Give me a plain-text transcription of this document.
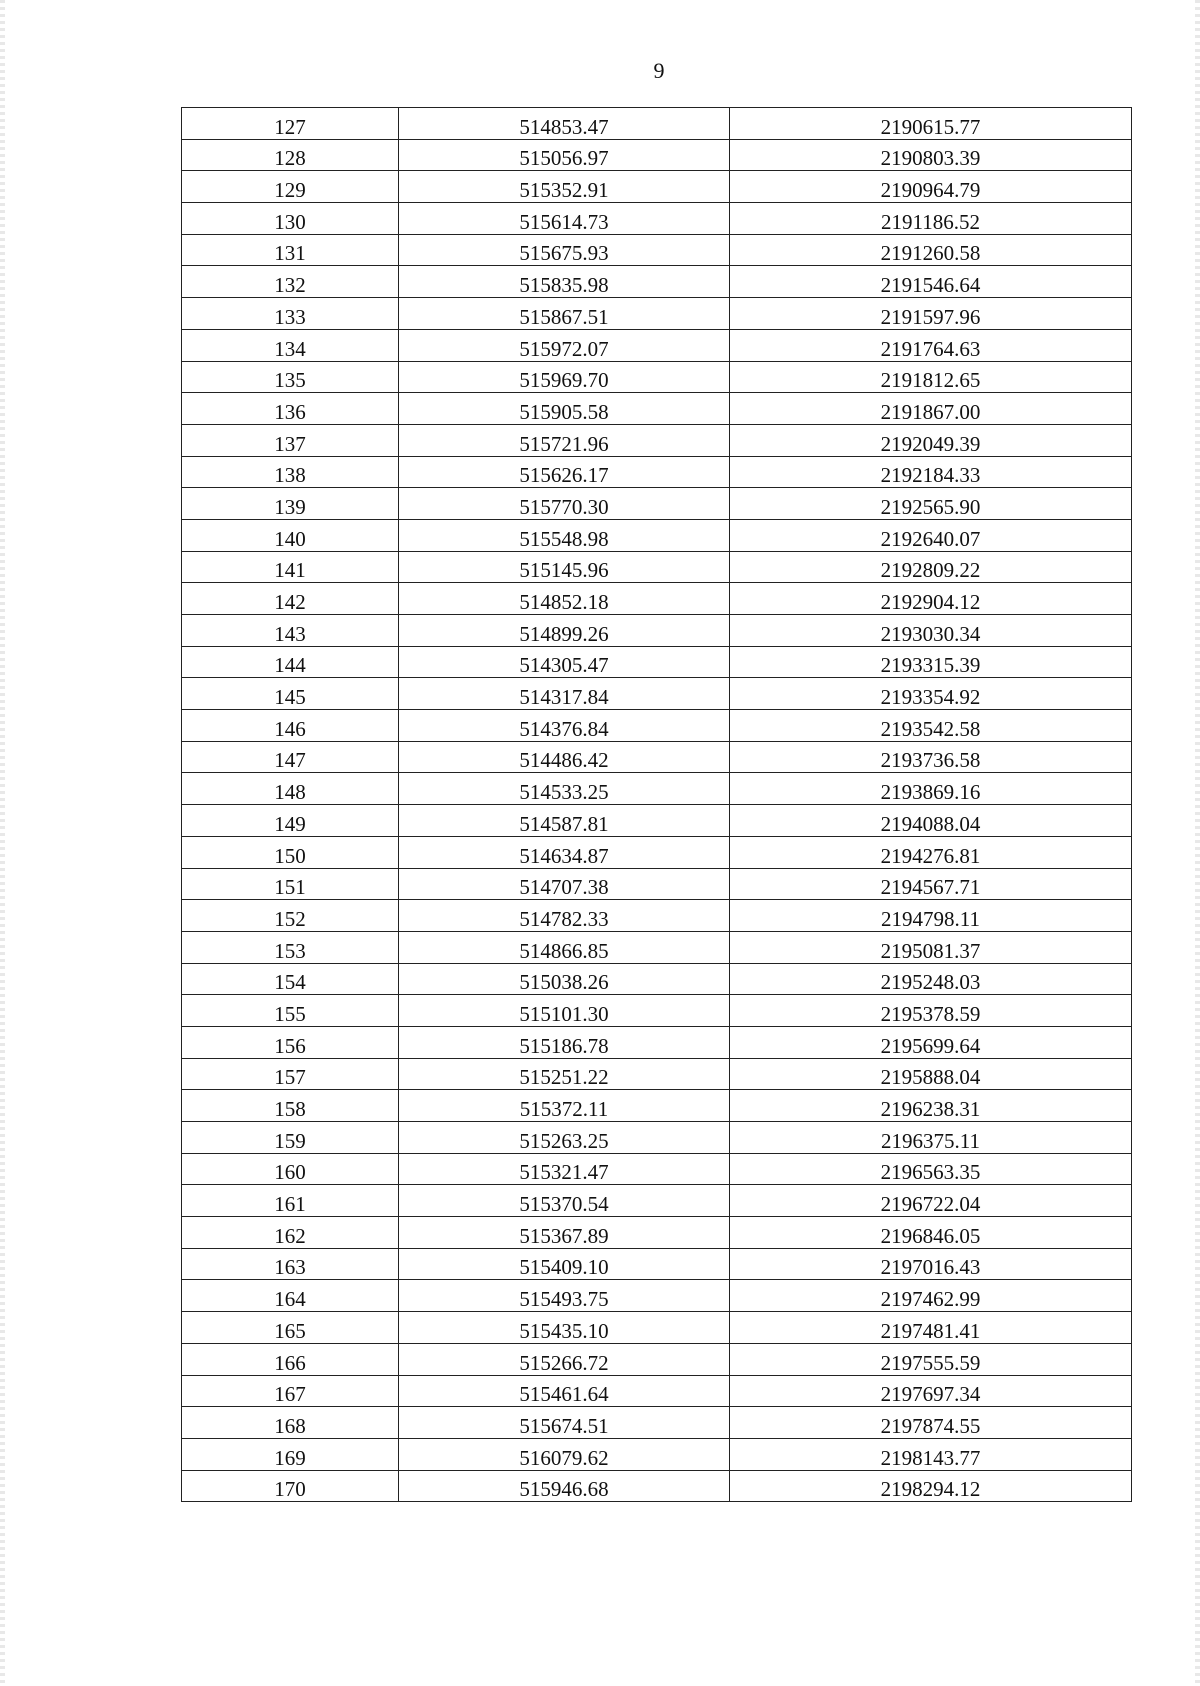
9
127	514853.47	2190615.77
128	515056.97	2190803.39
129	515352.91	2190964.79
130	515614.73	2191186.52
131	515675.93	2191260.58
132	515835.98	2191546.64
133	515867.51	2191597.96
134	515972.07	2191764.63
135	515969.70	2191812.65
136	515905.58	2191867.00
137	515721.96	2192049.39
138	515626.17	2192184.33
139	515770.30	2192565.90
140	515548.98	2192640.07
141	515145.96	2192809.22
142	514852.18	2192904.12
143	514899.26	2193030.34
144	514305.47	2193315.39
145	514317.84	2193354.92
146	514376.84	2193542.58
147	514486.42	2193736.58
148	514533.25	2193869.16
149	514587.81	2194088.04
150	514634.87	2194276.81
151	514707.38	2194567.71
152	514782.33	2194798.11
153	514866.85	2195081.37
154	515038.26	2195248.03
155	515101.30	2195378.59
156	515186.78	2195699.64
157	515251.22	2195888.04
158	515372.11	2196238.31
159	515263.25	2196375.11
160	515321.47	2196563.35
161	515370.54	2196722.04
162	515367.89	2196846.05
163	515409.10	2197016.43
164	515493.75	2197462.99
165	515435.10	2197481.41
166	515266.72	2197555.59
167	515461.64	2197697.34
168	515674.51	2197874.55
169	516079.62	2198143.77
170	515946.68	2198294.12
